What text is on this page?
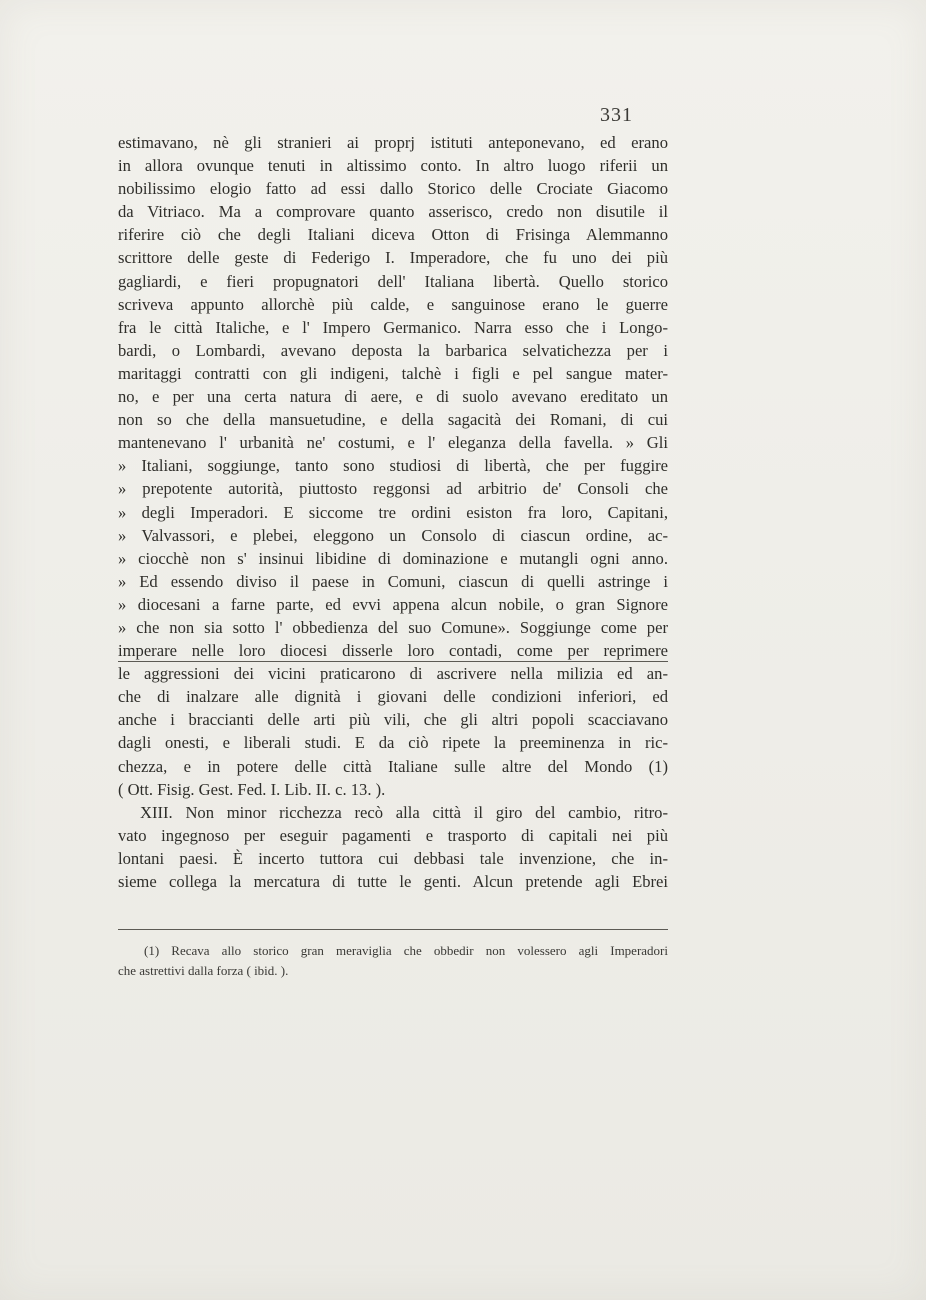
331
estimavano, nè gli stranieri ai proprj istituti anteponevano, ed erano
in allora ovunque tenuti in altissimo conto. In altro luogo riferii un
nobilissimo elogio fatto ad essi dallo Storico delle Crociate Giacomo
da Vitriaco. Ma a comprovare quanto asserisco, credo non disutile il
riferire ciò che degli Italiani diceva Otton di Frisinga Alemmanno
scrittore delle geste di Federigo I. Imperadore, che fu uno dei più
gagliardi, e fieri propugnatori dell' Italiana libertà. Quello storico
scriveva appunto allorchè più calde, e sanguinose erano le guerre
fra le città Italiche, e l' Impero Germanico. Narra esso che i Longo-
bardi, o Lombardi, avevano deposta la barbarica selvatichezza per i
maritaggi contratti con gli indigeni, talchè i figli e pel sangue mater-
no, e per una certa natura di aere, e di suolo avevano ereditato un
non so che della mansuetudine, e della sagacità dei Romani, di cui
mantenevano l' urbanità ne' costumi, e l' eleganza della favella. » Gli
» Italiani, soggiunge, tanto sono studiosi di libertà, che per fuggire
» prepotente autorità, piuttosto reggonsi ad arbitrio de' Consoli che
» degli Imperadori. E siccome tre ordini esiston fra loro, Capitani,
» Valvassori, e plebei, eleggono un Consolo di ciascun ordine, ac-
» ciocchè non s' insinui libidine di dominazione e mutangli ogni anno.
» Ed essendo diviso il paese in Comuni, ciascun di quelli astringe i
» diocesani a farne parte, ed evvi appena alcun nobile, o gran Signore
» che non sia sotto l' obbedienza del suo Comune». Soggiunge come per
imperare nelle loro diocesi disserle loro contadi, come per reprimere
le aggressioni dei vicini praticarono di ascrivere nella milizia ed an-
che di inalzare alle dignità i giovani delle condizioni inferiori, ed
anche i braccianti delle arti più vili, che gli altri popoli scacciavano
dagli onesti, e liberali studi. E da ciò ripete la preeminenza in ric-
chezza, e in potere delle città Italiane sulle altre del Mondo (1)
( Ott. Fisig. Gest. Fed. I. Lib. II. c. 13. ).
XIII. Non minor ricchezza recò alla città il giro del cambio, ritro-
vato ingegnoso per eseguir pagamenti e trasporto di capitali nei più
lontani paesi. È incerto tuttora cui debbasi tale invenzione, che in-
sieme collega la mercatura di tutte le genti. Alcun pretende agli Ebrei
(1) Recava allo storico gran meraviglia che obbedir non volessero agli Imperadori
che astrettivi dalla forza ( ibid. ).
